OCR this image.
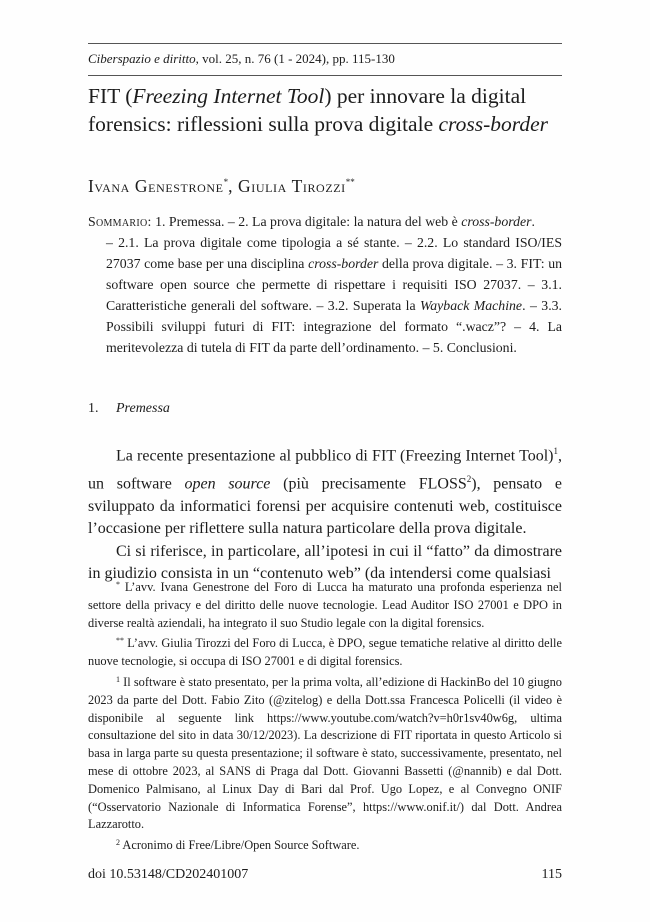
Ciberspazio e diritto, vol. 25, n. 76 (1 - 2024), pp. 115-130
FIT (Freezing Internet Tool) per innovare la digital forensics: riflessioni sulla prova digitale cross-border
Ivana Genestrone*, Giulia Tirozzi**
Sommario: 1. Premessa. – 2. La prova digitale: la natura del web è cross-border.
– 2.1. La prova digitale come tipologia a sé stante. – 2.2. Lo standard ISO/IES 27037 come base per una disciplina cross-border della prova digitale. – 3. FIT: un software open source che permette di rispettare i requisiti ISO 27037. – 3.1. Caratteristiche generali del software. – 3.2. Superata la Wayback Machine. – 3.3. Possibili sviluppi futuri di FIT: integrazione del formato “.wacz”? – 4. La meritevolezza di tutela di FIT da parte dell’ordinamento. – 5. Conclusioni.
1. Premessa

La recente presentazione al pubblico di FIT (Freezing Internet Tool)$^1$, un software open source (più precisamente FLOSS$^2$), pensato e sviluppato da informatici forensi per acquisire contenuti web, costituisce l’occasione per riflettere sulla natura particolare della prova digitale.

Ci si riferisce, in particolare, all’ipotesi in cui il “fatto” da dimostrare in giudizio consista in un “contenuto web” (da intendersi come qualsiasi

* L’avv. Ivana Genestrone del Foro di Lucca ha maturato una profonda esperienza nel settore della privacy e del diritto delle nuove tecnologie. Lead Auditor ISO 27001 e DPO in diverse realtà aziendali, ha integrato il suo Studio legale con la digital forensics.

** L’avv. Giulia Tirozzi del Foro di Lucca, è DPO, segue tematiche relative al diritto delle nuove tecnologie, si occupa di ISO 27001 e di digital forensics.

$^1$ Il software è stato presentato, per la prima volta, all’edizione di HackinBo del 10 giugno 2023 da parte del Dott. Fabio Zito (@zitelog) e della Dott.ssa Francesca Policelli (il video è disponibile al seguente link https://www.youtube.com/watch?v=h0r1sv40w6g, ultima consultazione del sito in data 30/12/2023). La descrizione di FIT riportata in questo Articolo si basa in larga parte su questa presentazione; il software è stato, successivamente, presentato, nel mese di ottobre 2023, al SANS di Praga dal Dott. Giovanni Bassetti (@nannib) e dal Dott. Domenico Palmisano, al Linux Day di Bari dal Prof. Ugo Lopez, e al Convegno ONIF (“Osservatorio Nazionale di Informatica Forense”, https://www.onif.it/) dal Dott. Andrea Lazzarotto.

$^2$ Acronimo di Free/Libre/Open Source Software.

doi 10.53148/CD202401007	115
